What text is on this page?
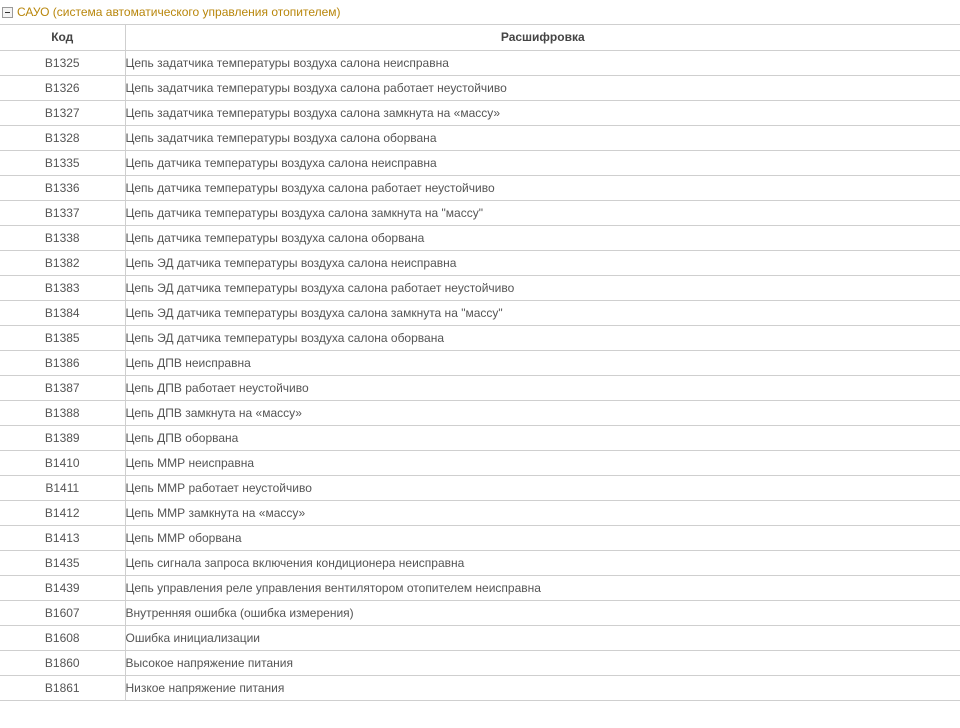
САУО (система автоматического управления отопителем)
Код	Расшифровка
B1325	Цепь задатчика температуры воздуха салона неисправна
B1326	Цепь задатчика температуры воздуха салона работает неустойчиво
B1327	Цепь задатчика температуры воздуха салона замкнута на «массу»
B1328	Цепь задатчика температуры воздуха салона оборвана
B1335	Цепь датчика температуры воздуха салона неисправна
B1336	Цепь датчика температуры воздуха салона работает неустойчиво
B1337	Цепь датчика температуры воздуха салона замкнута на "массу"
B1338	Цепь датчика температуры воздуха салона оборвана
B1382	Цепь ЭД датчика температуры воздуха салона неисправна
B1383	Цепь ЭД датчика температуры воздуха салона работает неустойчиво
B1384	Цепь ЭД датчика температуры воздуха салона замкнута на "массу"
B1385	Цепь ЭД датчика температуры воздуха салона оборвана
B1386	Цепь ДПВ неисправна
B1387	Цепь ДПВ работает неустойчиво
B1388	Цепь ДПВ замкнута на «массу»
B1389	Цепь ДПВ оборвана
B1410	Цепь ММР неисправна
B1411	Цепь ММР работает неустойчиво
B1412	Цепь ММР замкнута на «массу»
B1413	Цепь ММР оборвана
B1435	Цепь сигнала запроса включения кондиционера неисправна
B1439	Цепь управления реле управления вентилятором отопителем неисправна
B1607	Внутренняя ошибка (ошибка измерения)
B1608	Ошибка инициализации
B1860	Высокое напряжение питания
B1861	Низкое напряжение питания
